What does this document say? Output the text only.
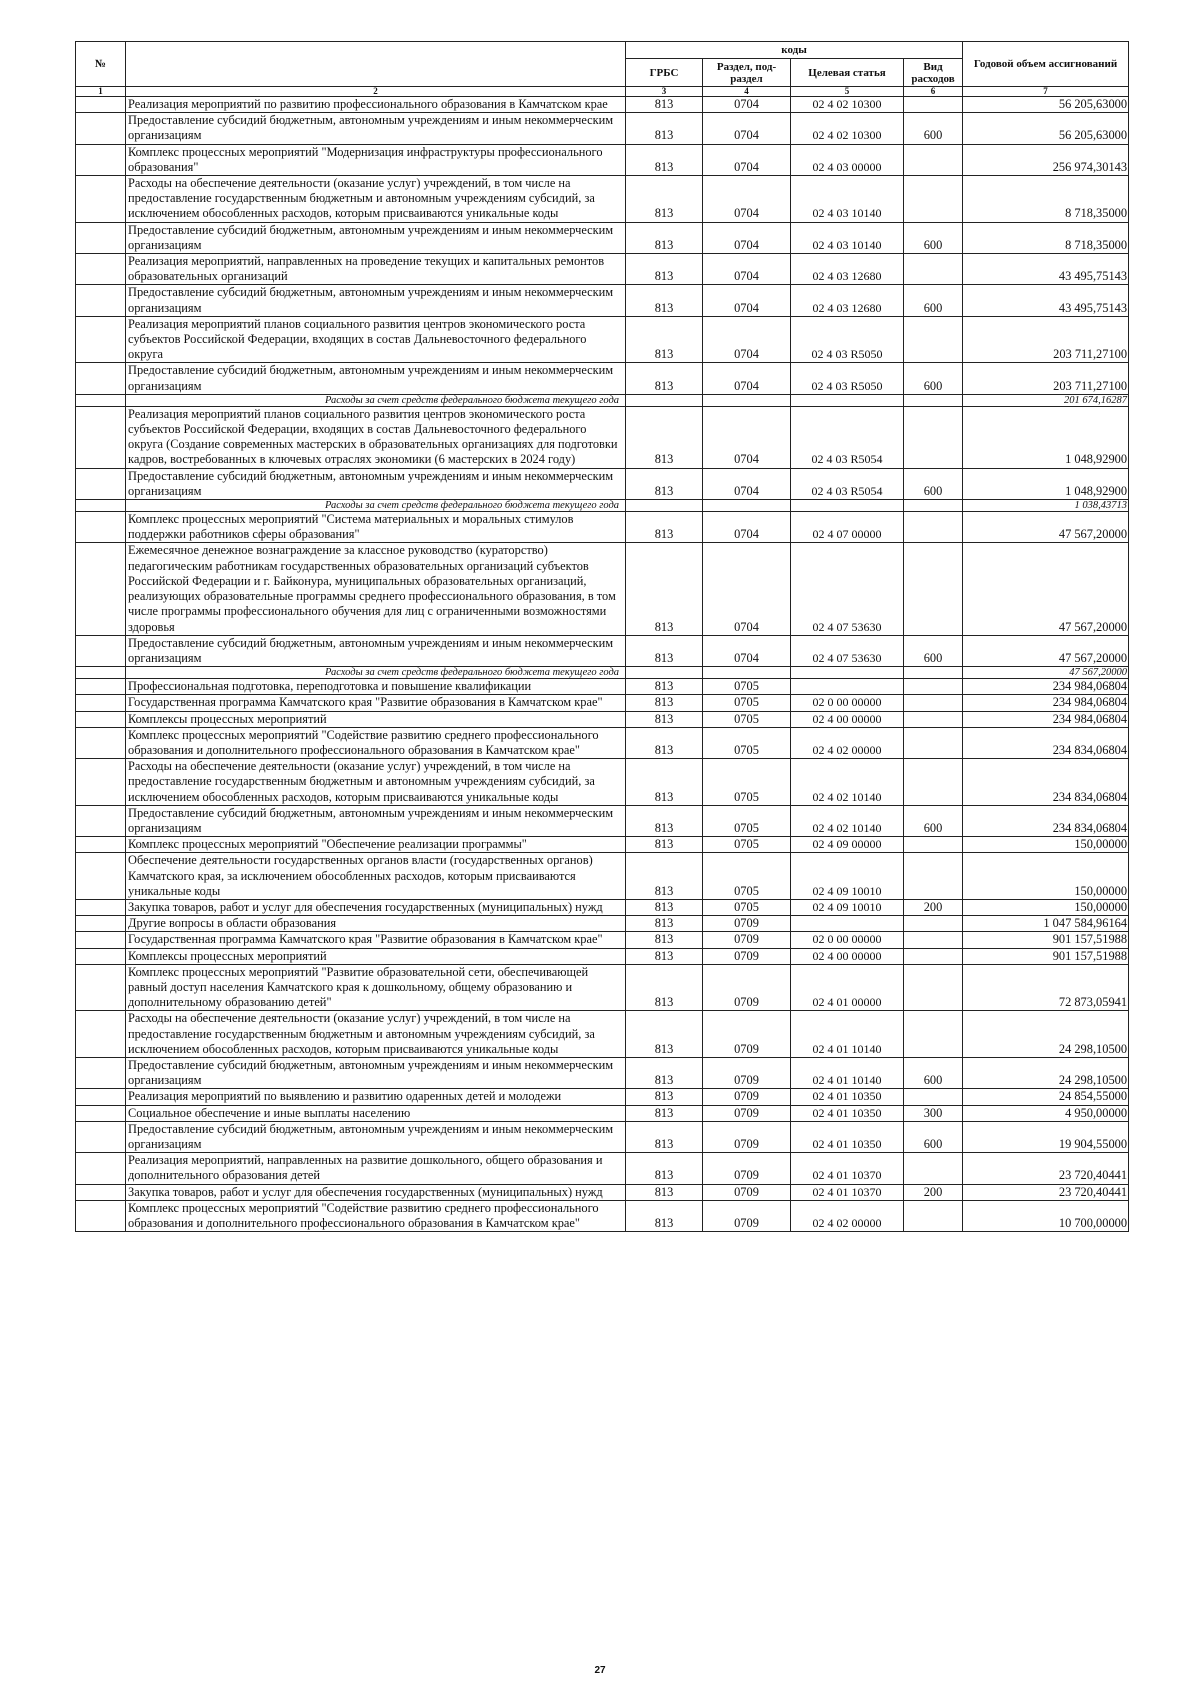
№		коды				Годовой объем ассигнований
		ГРБС	Раздел, под-раздел	Целевая статья	Вид расходов	
1	2	3	4	5	6	7
	Реализация мероприятий по развитию профессионального образования в Камчатском крае	813	0704	02 4 02 10300		56 205,63000
	Предоставление субсидий бюджетным, автономным учреждениям и иным некоммерческим организациям	813	0704	02 4 02 10300	600	56 205,63000
	Комплекс процессных мероприятий "Модернизация инфраструктуры профессионального образования"	813	0704	02 4 03 00000		256 974,30143
	Расходы на обеспечение деятельности (оказание услуг) учреждений, в том числе на предоставление государственным бюджетным и автономным учреждениям субсидий, за исключением обособленных расходов, которым присваиваются уникальные коды	813	0704	02 4 03 10140		8 718,35000
	Предоставление субсидий бюджетным, автономным учреждениям и иным некоммерческим организациям	813	0704	02 4 03 10140	600	8 718,35000
	Реализация мероприятий, направленных на проведение текущих и капитальных ремонтов образовательных организаций	813	0704	02 4 03 12680		43 495,75143
	Предоставление субсидий бюджетным, автономным учреждениям и иным некоммерческим организациям	813	0704	02 4 03 12680	600	43 495,75143
	Реализация мероприятий планов социального развития центров экономического роста субъектов Российской Федерации, входящих в состав Дальневосточного федерального округа	813	0704	02 4 03 R5050		203 711,27100
	Предоставление субсидий бюджетным, автономным учреждениям и иным некоммерческим организациям	813	0704	02 4 03 R5050	600	203 711,27100
	Расходы за счет средств федерального бюджета текущего года					201 674,16287
	Реализация мероприятий планов социального развития центров экономического роста субъектов Российской Федерации, входящих в состав Дальневосточного федерального округа (Создание современных мастерских в образовательных организациях для подготовки кадров, востребованных в ключевых отраслях экономики (6 мастерских в 2024 году)	813	0704	02 4 03 R5054		1 048,92900
	Предоставление субсидий бюджетным, автономным учреждениям и иным некоммерческим организациям	813	0704	02 4 03 R5054	600	1 048,92900
	Расходы за счет средств федерального бюджета текущего года					1 038,43713
	Комплекс процессных мероприятий "Система материальных и моральных стимулов поддержки работников сферы образования"	813	0704	02 4 07 00000		47 567,20000
	Ежемесячное денежное вознаграждение за классное руководство (кураторство) педагогическим работникам государственных образовательных организаций субъектов Российской Федерации и г. Байконура, муниципальных образовательных организаций, реализующих образовательные программы среднего профессионального образования, в том числе программы профессионального обучения для лиц с ограниченными возможностями здоровья	813	0704	02 4 07 53630		47 567,20000
	Предоставление субсидий бюджетным, автономным учреждениям и иным некоммерческим организациям	813	0704	02 4 07 53630	600	47 567,20000
	Расходы за счет средств федерального бюджета текущего года					47 567,20000
	Профессиональная подготовка, переподготовка и повышение квалификации	813	0705			234 984,06804
	Государственная программа Камчатского края "Развитие образования в Камчатском крае"	813	0705	02 0 00 00000		234 984,06804
	Комплексы процессных мероприятий	813	0705	02 4 00 00000		234 984,06804
	Комплекс процессных мероприятий "Содействие развитию среднего профессионального образования и дополнительного профессионального образования в Камчатском крае"	813	0705	02 4 02 00000		234 834,06804
	Расходы на обеспечение деятельности (оказание услуг) учреждений, в том числе на предоставление государственным бюджетным и автономным учреждениям субсидий, за исключением обособленных расходов, которым присваиваются уникальные коды	813	0705	02 4 02 10140		234 834,06804
	Предоставление субсидий бюджетным, автономным учреждениям и иным некоммерческим организациям	813	0705	02 4 02 10140	600	234 834,06804
	Комплекс процессных мероприятий "Обеспечение реализации программы"	813	0705	02 4 09 00000		150,00000
	Обеспечение деятельности государственных органов власти (государственных органов) Камчатского края, за исключением обособленных расходов, которым присваиваются уникальные коды	813	0705	02 4 09 10010		150,00000
	Закупка товаров, работ и услуг для обеспечения государственных (муниципальных) нужд	813	0705	02 4 09 10010	200	150,00000
	Другие вопросы в области образования	813	0709			1 047 584,96164
	Государственная программа Камчатского края "Развитие образования в Камчатском крае"	813	0709	02 0 00 00000		901 157,51988
	Комплексы процессных мероприятий	813	0709	02 4 00 00000		901 157,51988
	Комплекс процессных мероприятий "Развитие образовательной сети, обеспечивающей равный доступ населения Камчатского края к дошкольному, общему образованию и дополнительному образованию детей"	813	0709	02 4 01 00000		72 873,05941
	Расходы на обеспечение деятельности (оказание услуг) учреждений, в том числе на предоставление государственным бюджетным и автономным учреждениям субсидий, за исключением обособленных расходов, которым присваиваются уникальные коды	813	0709	02 4 01 10140		24 298,10500
	Предоставление субсидий бюджетным, автономным учреждениям и иным некоммерческим организациям	813	0709	02 4 01 10140	600	24 298,10500
	Реализация мероприятий по выявлению и развитию одаренных детей и молодежи	813	0709	02 4 01 10350		24 854,55000
	Социальное обеспечение и иные выплаты населению	813	0709	02 4 01 10350	300	4 950,00000
	Предоставление субсидий бюджетным, автономным учреждениям и иным некоммерческим организациям	813	0709	02 4 01 10350	600	19 904,55000
	Реализация мероприятий, направленных на развитие дошкольного, общего образования и дополнительного образования детей	813	0709	02 4 01 10370		23 720,40441
	Закупка товаров, работ и услуг для обеспечения государственных (муниципальных) нужд	813	0709	02 4 01 10370	200	23 720,40441
	Комплекс процессных мероприятий "Содействие развитию среднего профессионального образования и дополнительного профессионального образования в Камчатском крае"	813	0709	02 4 02 00000		10 700,00000
27
